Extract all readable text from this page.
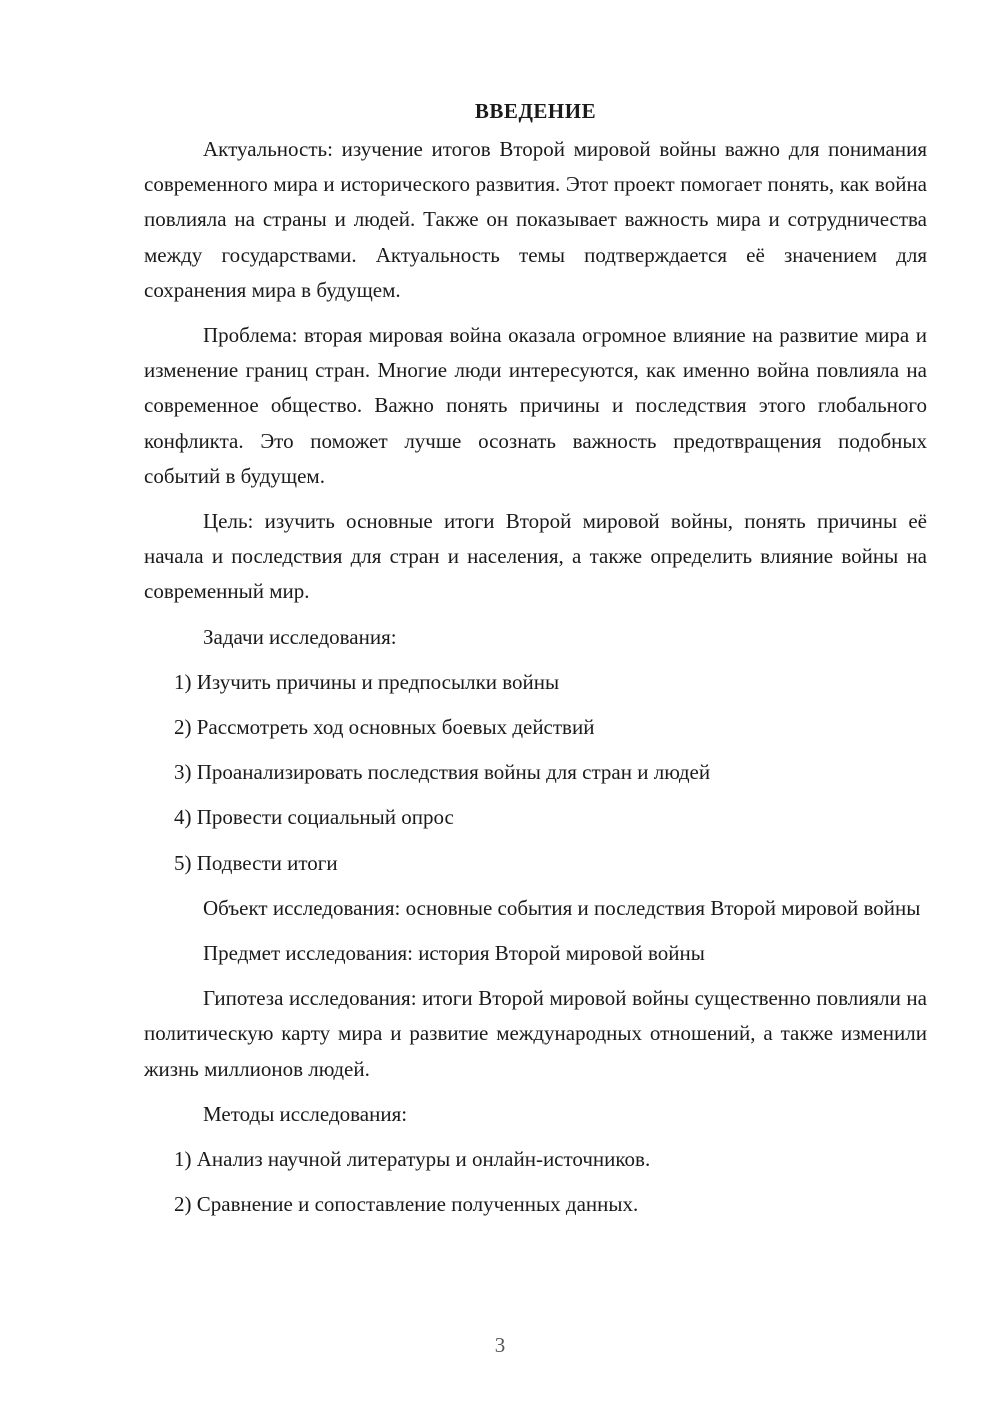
ВВЕДЕНИЕ

Актуальность: изучение итогов Второй мировой войны важно для понимания современного мира и исторического развития. Этот проект помогает понять, как война повлияла на страны и людей. Также он показывает важность мира и сотрудничества между государствами. Актуальность темы подтверждается её значением для сохранения мира в будущем.

Проблема: вторая мировая война оказала огромное влияние на развитие мира и изменение границ стран. Многие люди интересуются, как именно война повлияла на современное общество. Важно понять причины и последствия этого глобального конфликта. Это поможет лучше осознать важность предотвращения подобных событий в будущем.

Цель: изучить основные итоги Второй мировой войны, понять причины её начала и последствия для стран и населения, а также определить влияние войны на современный мир.

Задачи исследования:

1) Изучить причины и предпосылки войны
2) Рассмотреть ход основных боевых действий
3) Проанализировать последствия войны для стран и людей
4) Провести социальный опрос
5) Подвести итоги

Объект исследования: основные события и последствия Второй мировой войны

Предмет исследования: история Второй мировой войны

Гипотеза исследования: итоги Второй мировой войны существенно повлияли на политическую карту мира и развитие международных отношений, а также изменили жизнь миллионов людей.

Методы исследования:

1) Анализ научной литературы и онлайн-источников.
2) Сравнение и сопоставление полученных данных.
3
